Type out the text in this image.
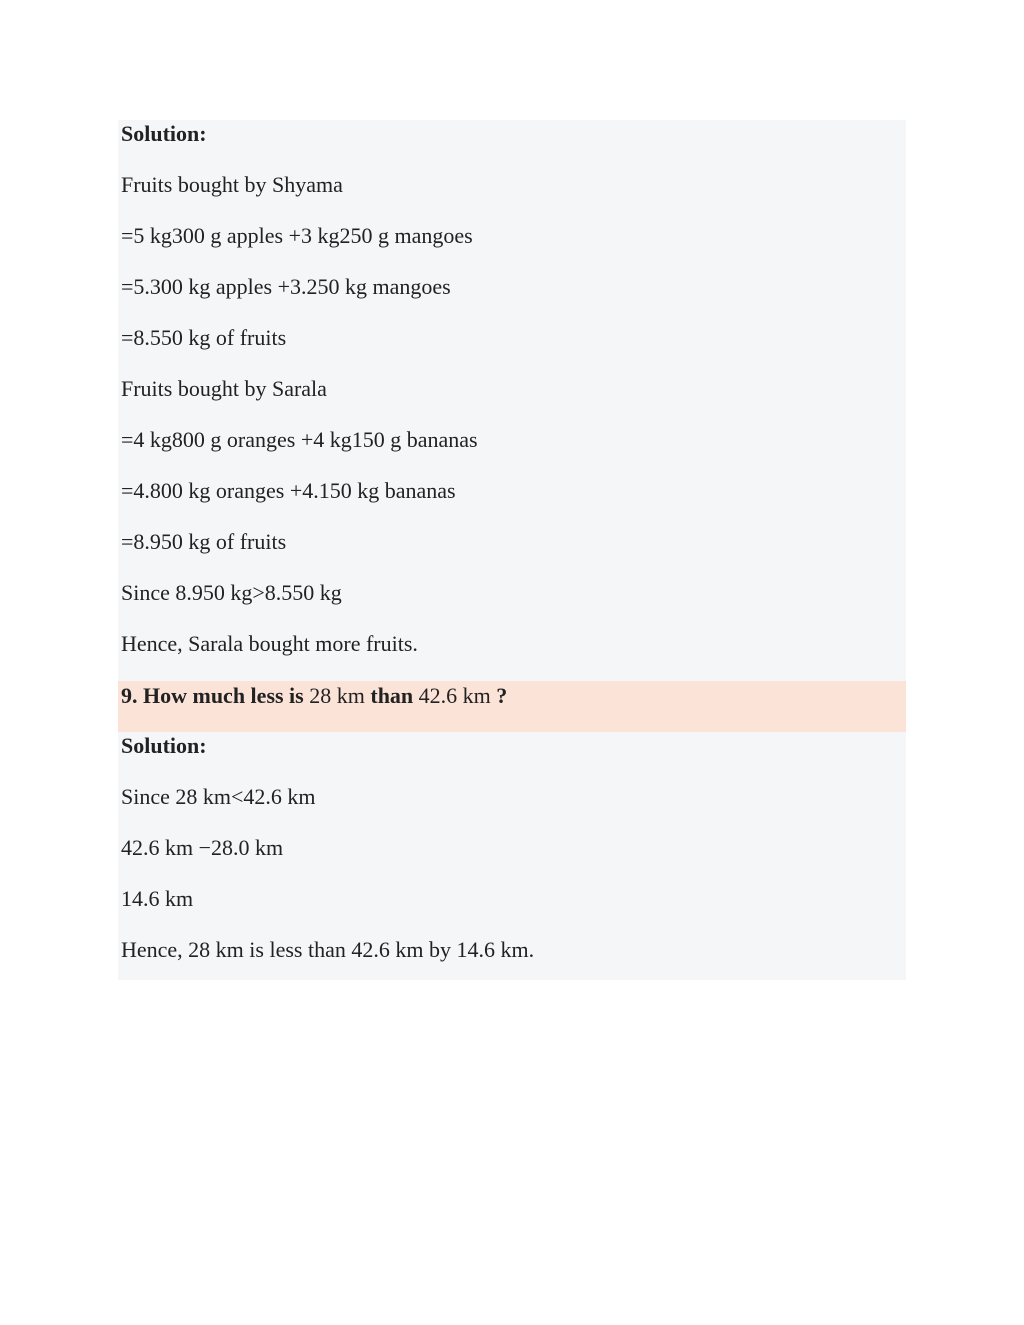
Solution:
Fruits bought by Shyama
=5 kg300 g apples +3 kg250 g mangoes
=5.300 kg apples +3.250 kg mangoes
=8.550 kg of fruits
Fruits bought by Sarala
=4 kg800 g oranges +4 kg150 g bananas
=4.800 kg oranges +4.150 kg bananas
=8.950 kg of fruits
Since 8.950 kg>8.550 kg
Hence, Sarala bought more fruits.
9. How much less is 28 km than 42.6 km ?
Solution:
Since 28 km<42.6 km
42.6 km −28.0 km
14.6 km
Hence, 28 km is less than 42.6 km by 14.6 km.
